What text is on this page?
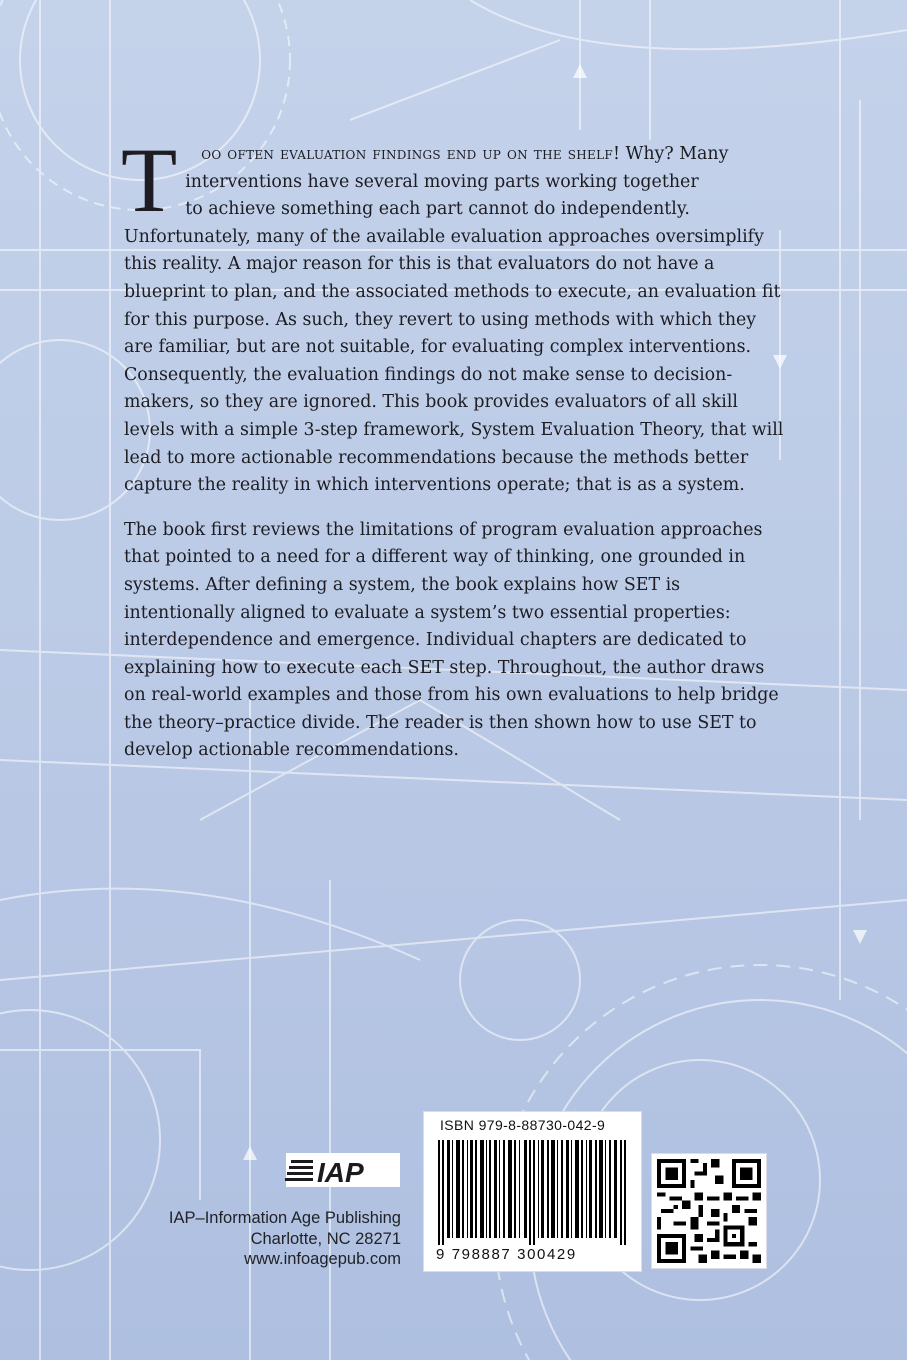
T oo often evaluation findings end up on the shelf! Why? Many
interventions have several moving parts working together
to achieve something each part cannot do independently.
Unfortunately, many of the available evaluation approaches oversimplify this reality. A major reason for this is that evaluators do not have a blueprint to plan, and the associated methods to execute, an evaluation fit for this purpose. As such, they revert to using methods with which they are familiar, but are not suitable, for evaluating complex interventions. Consequently, the evaluation findings do not make sense to decision-makers, so they are ignored. This book provides evaluators of all skill levels with a simple 3-step framework, System Evaluation Theory, that will lead to more actionable recommendations because the methods better capture the reality in which interventions operate; that is as a system.

The book first reviews the limitations of program evaluation approaches that pointed to a need for a different way of thinking, one grounded in systems. After defining a system, the book explains how SET is intentionally aligned to evaluate a system’s two essential properties: interdependence and emergence. Individual chapters are dedicated to explaining how to execute each SET step. Throughout, the author draws on real-world examples and those from his own evaluations to help bridge the theory–practice divide. The reader is then shown how to use SET to develop actionable recommendations.

IAP
IAP–Information Age Publishing
Charlotte, NC 28271
www.infoagepub.com
ISBN 979-8-88730-042-9
9 798887 300429
